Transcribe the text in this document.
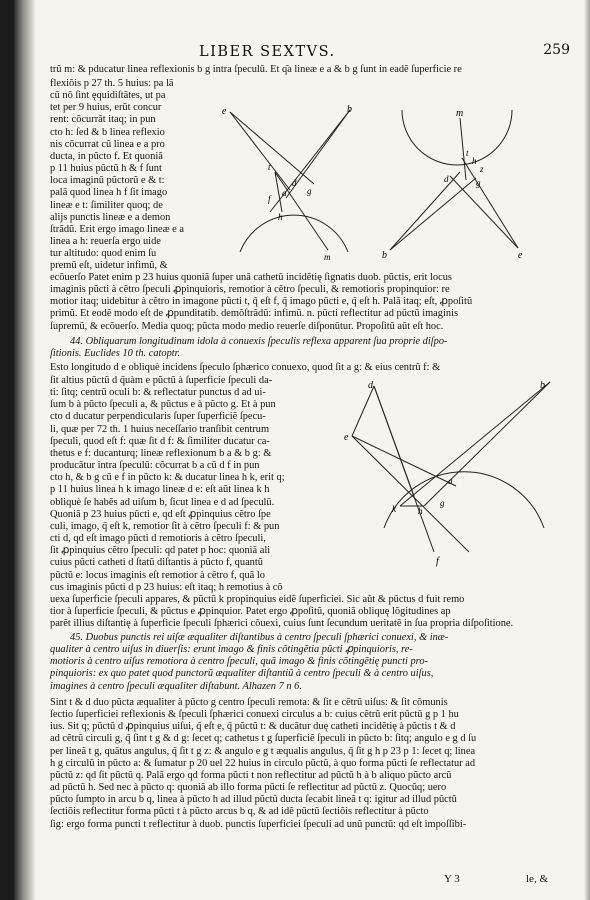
LIBER SEXTVS.	259

trũ m: & pducatur linea reflexionis b g intra ſpeculũ. Et q͂a lineæ e a & b g ſunt in eadẽ ſuperficie re

flexiõis p 27 th. 5 huius: pa lã
cũ nõ ſint ęquidiſtãtes, ut pa
tet per 9 huius, erũt concur
rent: cõcurrãt itaq; in pun
cto h: ſed & b linea reflexio
nis cõcurrat cũ linea e a pro
ducta, in pũcto f. Et quoniã
p 11 huius pũctũ h & f ſunt
loca imaginũ pũctorũ e & t:
palã quod linea h f ſit imago
lineæ e t: ſimiliter quoq; de
alijs punctis lineæ e a demon
ſtrãdũ. Erit ergo imago lineæ e a
linea a h: reuerſa ergo uide
tur altitudo: quod enim ſu
premũ eſt, uidetur infimũ, &
e
a
t
d
f
h
b
g
m
m
t
h
z
d	g
b	e

ecõuerſo Patet enim p 23 huius quoniã ſuper unã cathetũ incidẽtię ſignatis duob. pũctis, erit locus
imaginis pũcti à cẽtro ſpeculi ꝓpinquioris, remotior à cẽtro ſpeculi, & remotioris propinquior: re
motior itaq; uidebitur à cẽtro in imagone pũcti t, q̃ eſt f, q̃ imago pũcti e, q̃ eſt h. Palã itaq; eſt, ꝓpoſitũ
primũ. Et eodẽ modo eſt de ꝓpunditatib. demõſtrãdũ: infimũ. n. pũcti reflectitur ad pũctũ imaginis
ſupremũ, & ecõuerſo. Media quoq; pũcta modo medio reuerſe diſponũtur. Propoſitũ aũt eſt hoc.

44. Obliquarum longitudinum idola à conuexis ſpeculis reflexa apparent ſua proprie diſpo-
ſitionis. Euclides 10 th. catoptr.

Esto longitudo d e obliquè incidens ſpeculo ſphærico conuexo, quod ſit a g: & eius centrũ f: &

ſit altius pũctũ d q̃uàm e pũctũ à ſuperficie ſpeculi da-
ti: ſitq; centrũ oculi b: & reflectatur punctus d ad ui-
ſum b à pũcto ſpeculi a, & pũctus e à pũcto g. Et à pun
cto d ducatur perpendicularis ſuper ſuperficiẽ ſpecu-
li, quæ per 72 th. 1 huius neceſſario tranſibit centrum
ſpeculi, quod eſt f: quæ ſit d f: & ſimiliter ducatur ca-
thetus e f: ducanturq; lineæ reflexionum b a & b g: &
producãtur intra ſpeculũ: cõcurrat b a cũ d f in pun
cto h, & b g cũ e f in pũcto k: & ducatur linea h k, erit q;
p 11 huius linea h k imago lineæ d e: eſt aũt linea k h
obliquè ſe habẽs ad uiſum b, ſicut linea e d ad ſpeculũ.
Quoniã p 23 huius pũcti e, qd eſt ꝓpinquius cẽtro ſpe
culi, imago, q̃ eſt k, remotior ſit à cẽtro ſpeculi f: & pun
cti d, qd eſt imago pũcti d remotioris à cẽtro ſpeculi,
ſit ꝓpinquius cẽtro ſpeculi: qd patet p hoc: quoniã ali
cuius pũcti catheti d ſtatũ diſtantis à pũcto f, quantũ
pũctũ e: locus imaginis eſt remotior à cẽtro f, quã lo
cus imaginis pũcti d p 23 huius: eſt itaq; h remotius à cõ
d	b
e
a
k
g
h
f

uexa ſuperficie ſpeculi appares, & pũctũ k propinquius eidẽ ſuperficiei. Sic aũt & pũctus d fuit remo
tior à ſuperficie ſpeculi, & pũctus e ꝓpinquior. Patet ergo ꝓpoſitũ, quoniã obliquę lõgitudines ap
parẽt illius diſtantię à ſuperficie ſpeculi ſphærici cõuexi, cuius ſunt ſecundum ueritatẽ in ſua propria diſpoſitione.

45. Duobus punctis rei uiſæ æqualiter diſtantibus à centro ſpeculi ſphærici conuexi, & inæ-
qualiter à centro uiſus in diuerſis: erunt imago & finis cõtingẽtia pũcti ꝓpinquioris, re-
motioris à centro uiſus remotiora à centro ſpeculi, quã imago & finis cõtingẽtię puncti pro-
pinquioris: ex quo patet quod punctorũ æqualiter diſtantiũ à centro ſpeculi & à centro uiſus,
imagines à centro ſpeculi æqualiter diſtabunt. Alhazen 7 n 6.

Sint t & d duo pũcta æqualiter à pũcto g centro ſpeculi remota: & ſit e cẽtrũ uiſus: & ſit cõmunis
ſectio ſuperficiei reflexionis & ſpeculi ſphærici conuexi circulus a b: cuius cẽtrũ erit pũctũ g p 1 hu
ius. Sit q; pũctũ d ꝓpinquius uiſui, q̃ eſt e, q̃ pũctũ t: & ducãtur duę catheti incidẽtię à pũctis t & d
ad cẽtrũ circuli g, q̃ ſint t g & d g: ſecet q; cathetus t g ſuperficiẽ ſpeculi in pũcto b: ſitq; angulo e g d ſu
per lineã t g, quãtus angulus, q̃ ſit t g z: & angulo e g t æqualis angulus, q̃ ſit g h p 23 p 1: ſecet q; linea
h g circulũ in pũcto a: & ſumatur p 20 uel 22 huius in circulo pũctũ, à quo forma pũcti ſe reflectatur ad
pũctũ z: qd ſit pũctũ q. Palã ergo qd forma pũcti t non reflectitur ad pũctũ h à b aliquo pũcto arcũ
ad pũctũ h. Sed nec à pũcto q: quoniã ab illo forma pũcti ſe reflectitur ad pũctũ z. Quocũq; uero
pũcto ſumpto in arcu b q, linea à pũcto h ad illud pũctũ ducta ſecabit lineã t q: igitur ad illud pũctũ
ſectiõis reflectitur forma pũcti t à pũcto arcus b q, & ad idẽ pũctũ ſectiõis reflectitur à pũcto
ſig: ergo forma puncti t reflectitur à duob. punctis ſuperficiei ſpeculi ad unũ punctũ: qd eſt impoſſibi-

Y 3	le, &
